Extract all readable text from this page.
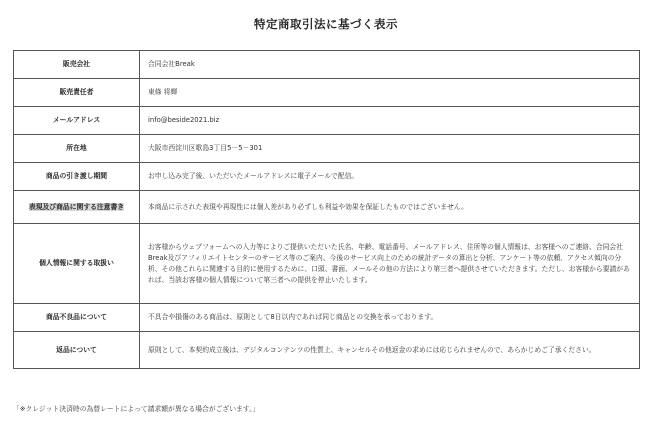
特定商取引法に基づく表示
販売会社	合同会社Break
販売責任者	東條 将輝
メールアドレス	info@beside2021.biz
所在地	大阪市西淀川区歌島3丁目5－5－301
商品の引き渡し期間	お申し込み完了後、いただいたメールアドレスに電子メールで配信。
表現及び商品に関する注意書き	本商品に示された表現や再現性には個人差があり必ずしも利益や効果を保証したものではございません。
個人情報に関する取扱い	お客様からウェブフォームへの入力等によりご提供いただいた氏名、年齢、電話番号、メールアドレス、住所等の個人情報は、お客様へのご連絡、合同会社Break及びアフィリエイトセンターのサービス等のご案内、今後のサービス向上のための統計データの算出と分析、アンケート等の依頼、アクセス傾向の分析、その他これらに関連する目的に使用するために、口頭、書面、メールその他の方法により第三者へ提供させていただきます。ただし、お客様から要請があれば、当該お客様の個人情報について第三者への提供を停止いたします。
商品不良品について	不具合や損傷のある商品は、原則として8日以内であれば同じ商品との交換を承っております。
返品について	原則として、本契約成立後は、デジタルコンテンツの性質上、キャンセルその他返金の求めには応じられませんので、あらかじめご了承ください。
「※クレジット決済時の為替レートによって請求額が異なる場合がございます。」
